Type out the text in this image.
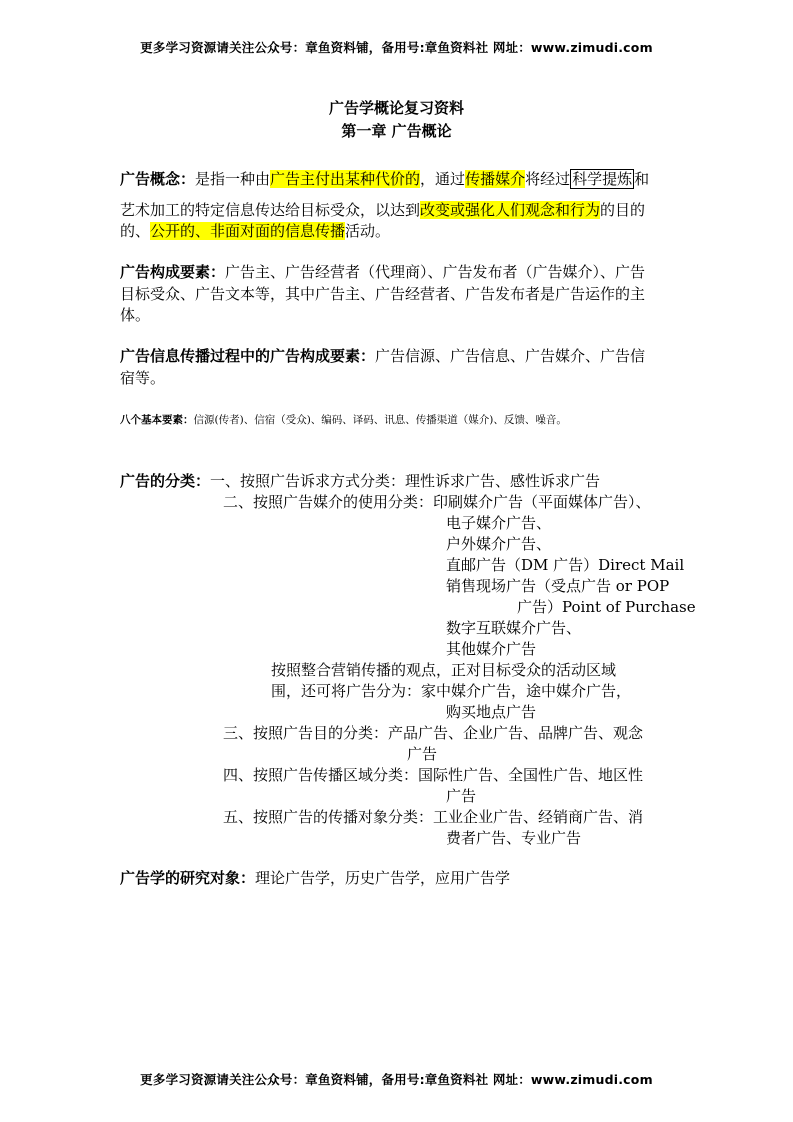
更多学习资源请关注公众号：章鱼资料铺，备用号:章鱼资料社 网址：www.zimudi.com
广告学概论复习资料
第一章 广告概论
广告概念：是指一种由广告主付出某种代价的，通过传播媒介将经过 科学提炼 和
艺术加工的特定信息传达给目标受众，以达到改变或强化人们观念和行为的目的
的、公开的、非面对面的信息传播活动。
广告构成要素：广告主、广告经营者（代理商）、广告发布者（广告媒介）、广告
目标受众、广告文本等，其中广告主、广告经营者、广告发布者是广告运作的主
体。
广告信息传播过程中的广告构成要素：广告信源、广告信息、广告媒介、广告信
宿等。
八个基本要素：信源(传者)、信宿（受众)、编码、译码、讯息、传播渠道（媒介)、反馈、噪音。
广告的分类：一、按照广告诉求方式分类：理性诉求广告、感性诉求广告
二、按照广告媒介的使用分类：印刷媒介广告（平面媒体广告）、
电子媒介广告、
户外媒介广告、
直邮广告（DM 广告）Direct Mail
销售现场广告（受点广告 or POP
广告）Point of Purchase
数字互联媒介广告、
其他媒介广告
按照整合营销传播的观点，正对目标受众的活动区域
围，还可将广告分为：家中媒介广告，途中媒介广告，
购买地点广告
三、按照广告目的分类：产品广告、企业广告、品牌广告、观念
广告
四、按照广告传播区域分类：国际性广告、全国性广告、地区性
广告
五、按照广告的传播对象分类：工业企业广告、经销商广告、消
费者广告、专业广告
广告学的研究对象：理论广告学，历史广告学，应用广告学
更多学习资源请关注公众号：章鱼资料铺，备用号:章鱼资料社 网址：www.zimudi.com
